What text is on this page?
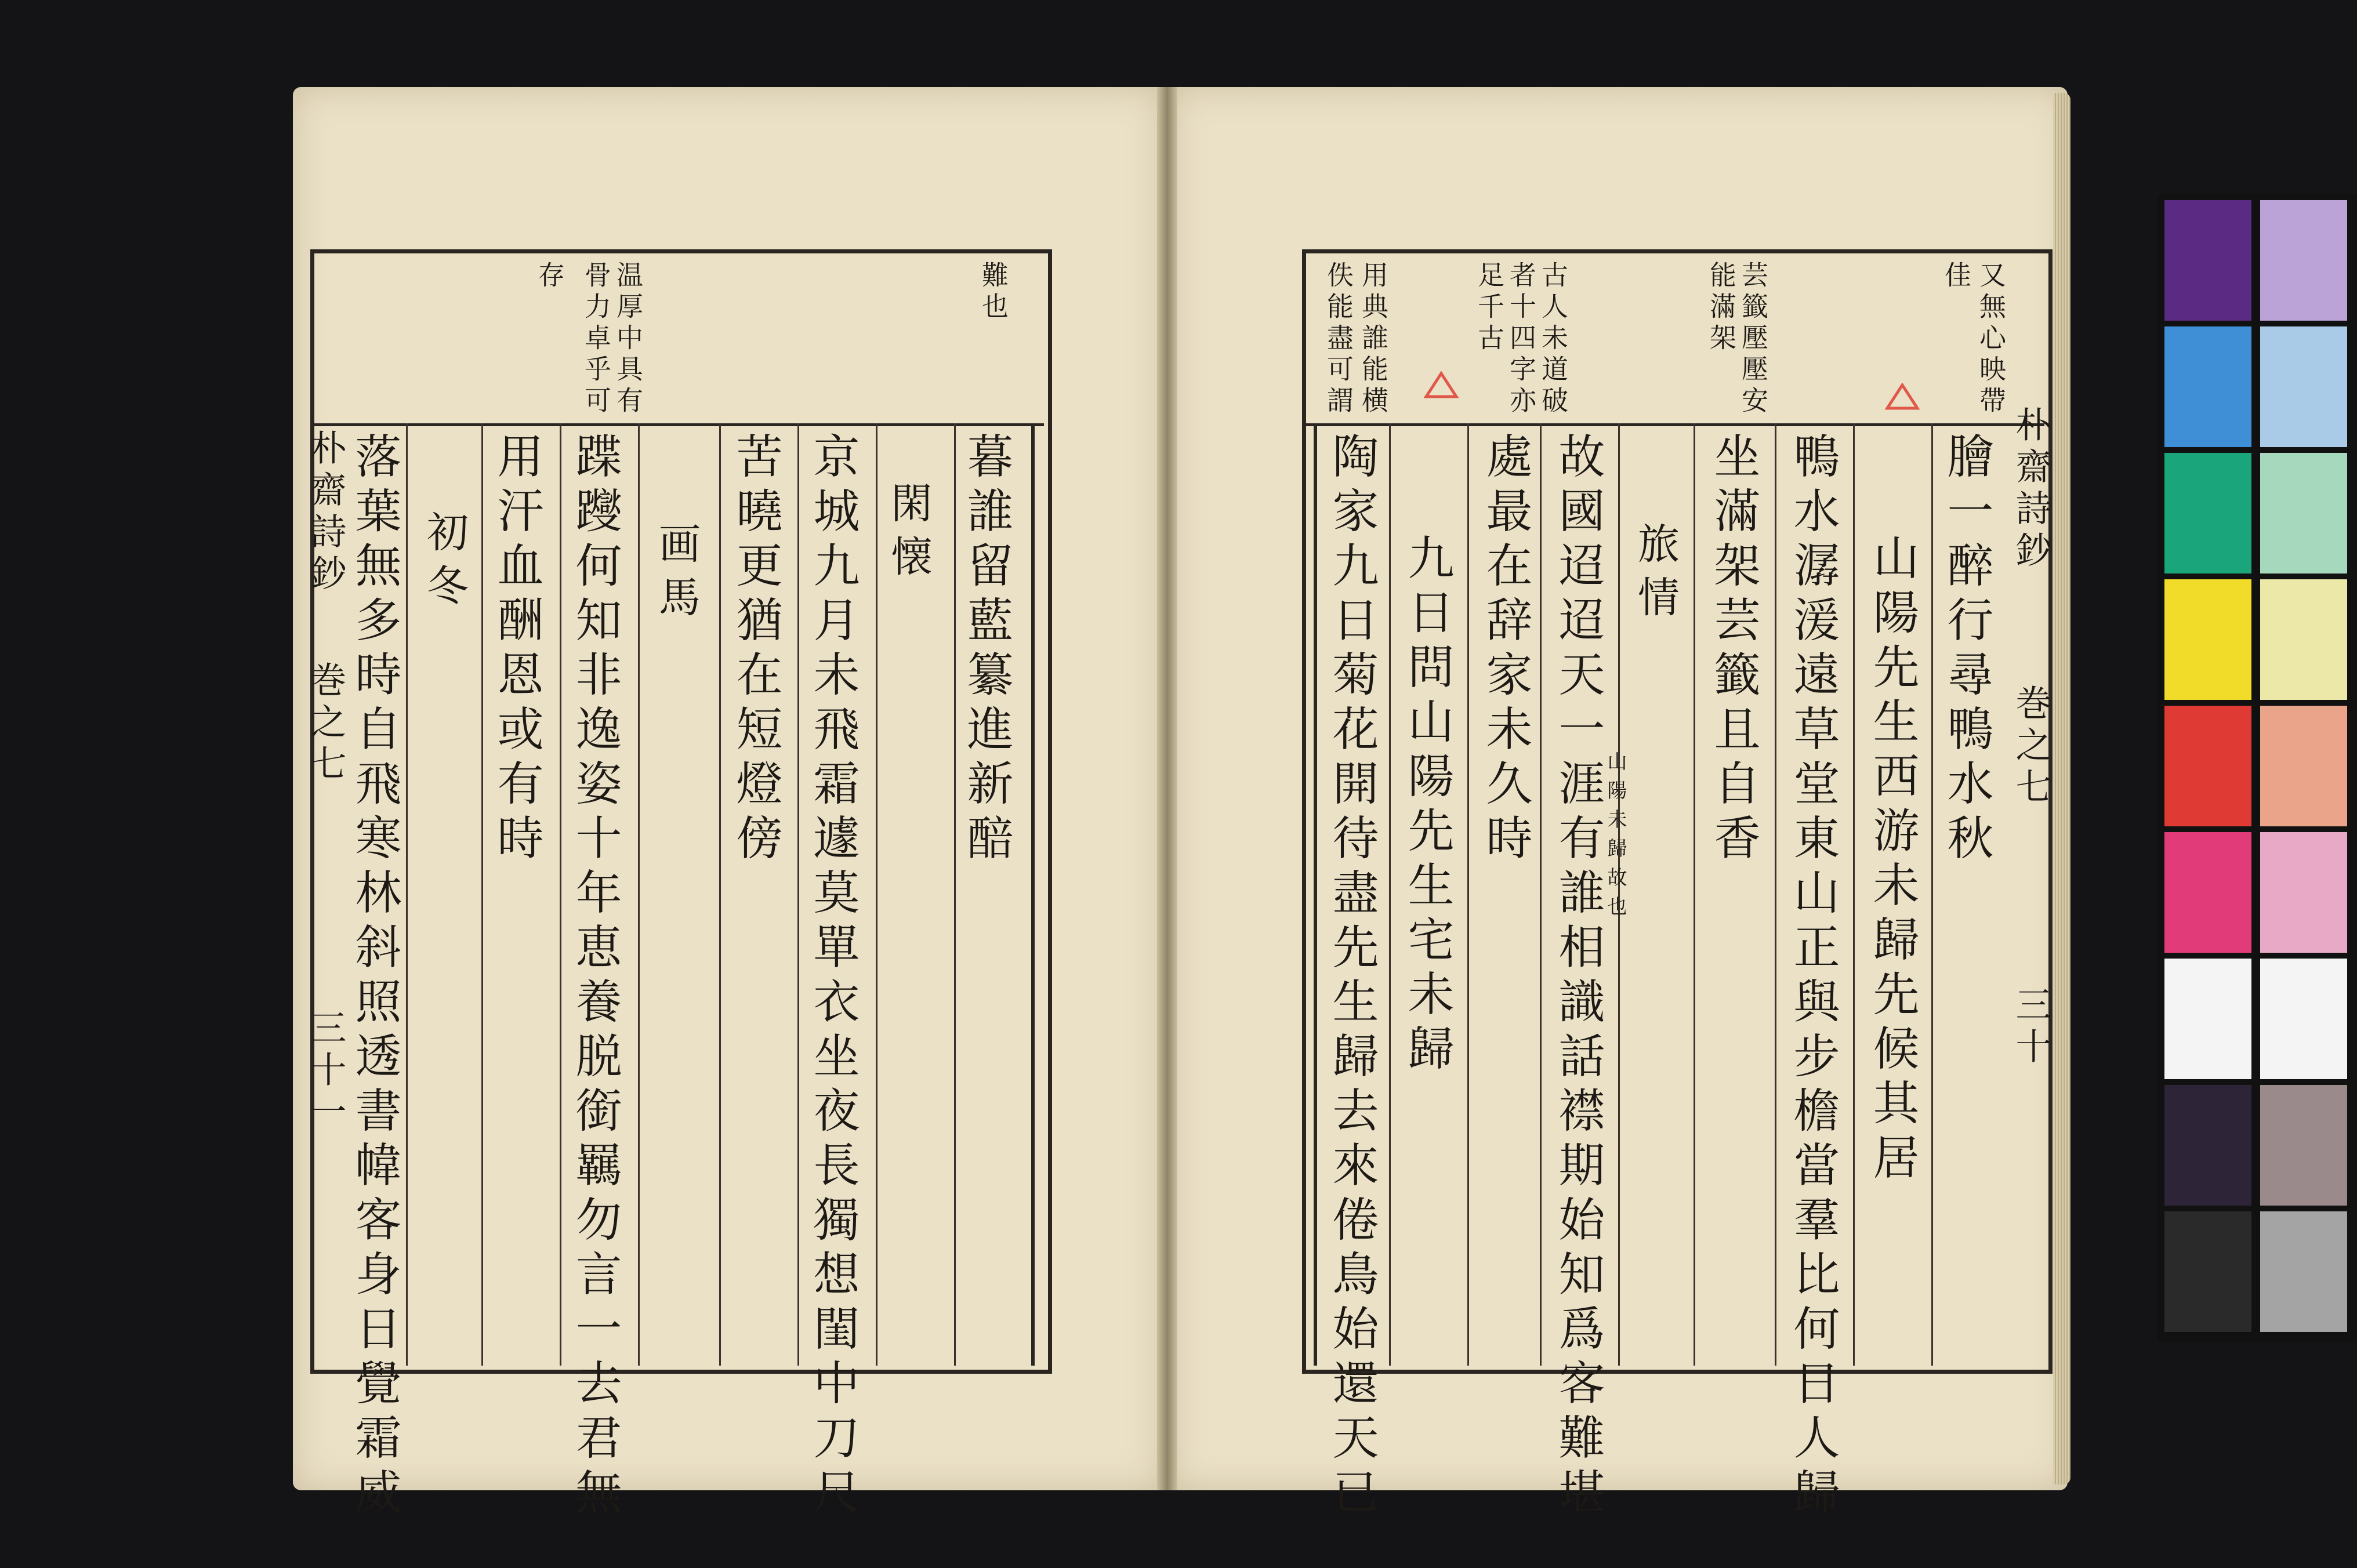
難也

温厚中具有

骨力卓乎可

存

暮誰留藍纂進新醅

閑懐

京城九月未飛霜遽莫單衣坐夜長獨想閨中刀尺

苦曉更猶在短燈傍

画馬

蹀躞何知非逸姿十年恵養脱銜羈勿言一去君無

用汗血酬恩或有時

初冬

落葉無多時自飛寒林斜照透書幃客身日覺霜威

朴齋詩鈔

巻之七

三十一

又無心映帶

佳

芸籤壓壓安

能滿架

古人未道破

者十四字亦

足千古

用典誰能横

佚能盡可謂

膾一醉行尋鴨水秋

山陽先生西游未歸先候其居

鴨水潺湲遠草堂東山正與步檐當羣比何日人歸

坐滿架芸籤且自香

旅情

故國迢迢天一涯有誰相識話襟期始知爲客難堪

處最在辞家未久時

九日問山陽先生宅未歸

陶家九日菊花開待盡先生歸去來倦鳥始還天已	山陽未歸故也

朴齋詩鈔

巻之七

三十
